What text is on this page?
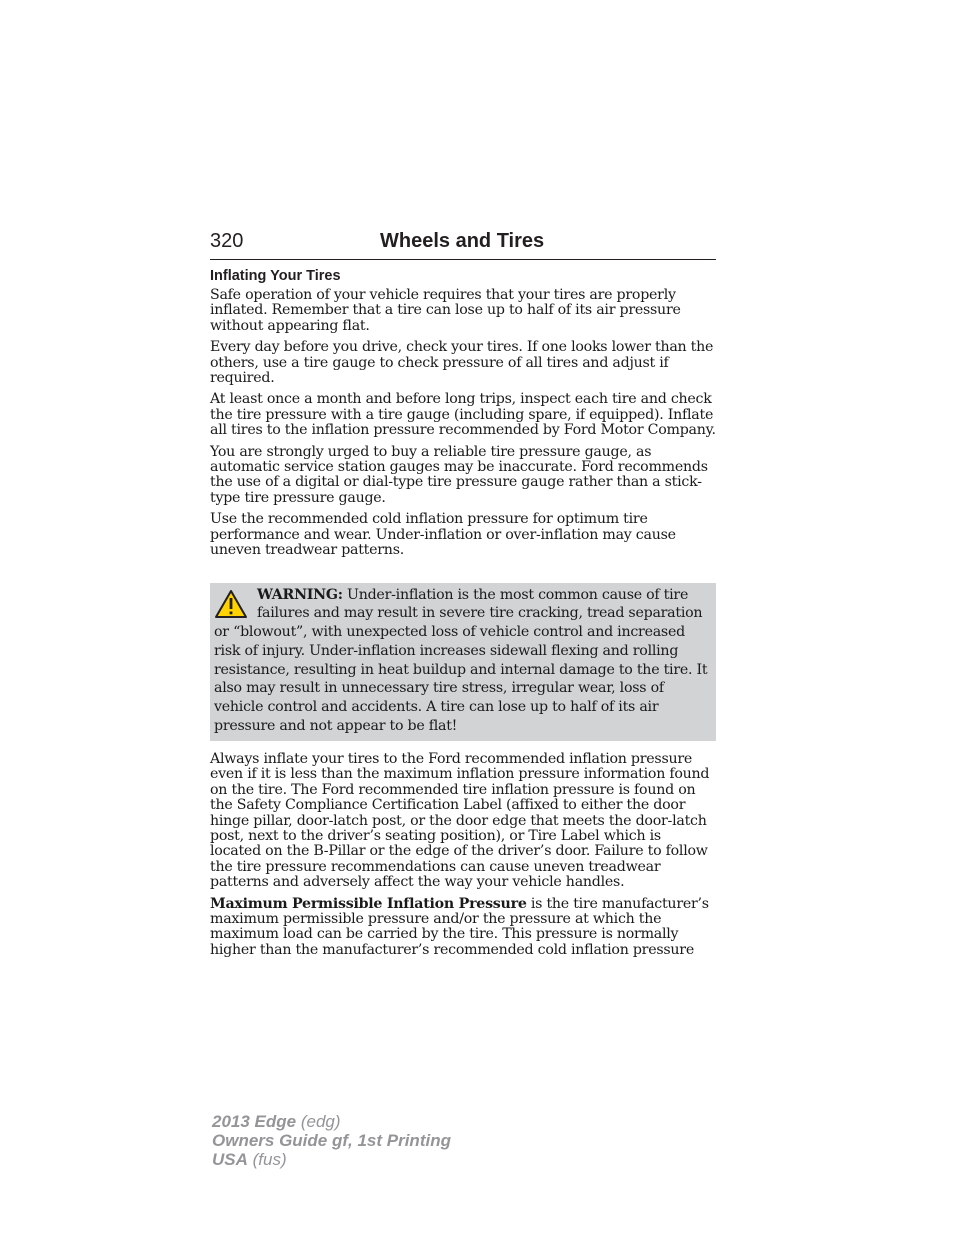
320	Wheels and Tires
Inflating Your Tires

Safe operation of your vehicle requires that your tires are properly inflated. Remember that a tire can lose up to half of its air pressure without appearing flat.

Every day before you drive, check your tires. If one looks lower than the others, use a tire gauge to check pressure of all tires and adjust if required.

At least once a month and before long trips, inspect each tire and check the tire pressure with a tire gauge (including spare, if equipped). Inflate all tires to the inflation pressure recommended by Ford Motor Company.

You are strongly urged to buy a reliable tire pressure gauge, as automatic service station gauges may be inaccurate. Ford recommends the use of a digital or dial-type tire pressure gauge rather than a stick-type tire pressure gauge.

Use the recommended cold inflation pressure for optimum tire performance and wear. Under-inflation or over-inflation may cause uneven treadwear patterns.

WARNING: Under-inflation is the most common cause of tire failures and may result in severe tire cracking, tread separation or “blowout”, with unexpected loss of vehicle control and increased risk of injury. Under-inflation increases sidewall flexing and rolling resistance, resulting in heat buildup and internal damage to the tire. It also may result in unnecessary tire stress, irregular wear, loss of vehicle control and accidents. A tire can lose up to half of its air pressure and not appear to be flat!

Always inflate your tires to the Ford recommended inflation pressure even if it is less than the maximum inflation pressure information found on the tire. The Ford recommended tire inflation pressure is found on the Safety Compliance Certification Label (affixed to either the door hinge pillar, door-latch post, or the door edge that meets the door-latch post, next to the driver’s seating position), or Tire Label which is located on the B-Pillar or the edge of the driver’s door. Failure to follow the tire pressure recommendations can cause uneven treadwear patterns and adversely affect the way your vehicle handles.

Maximum Permissible Inflation Pressure is the tire manufacturer’s maximum permissible pressure and/or the pressure at which the maximum load can be carried by the tire. This pressure is normally higher than the manufacturer’s recommended cold inflation pressure

2013 Edge (edg)
Owners Guide gf, 1st Printing
USA (fus)
